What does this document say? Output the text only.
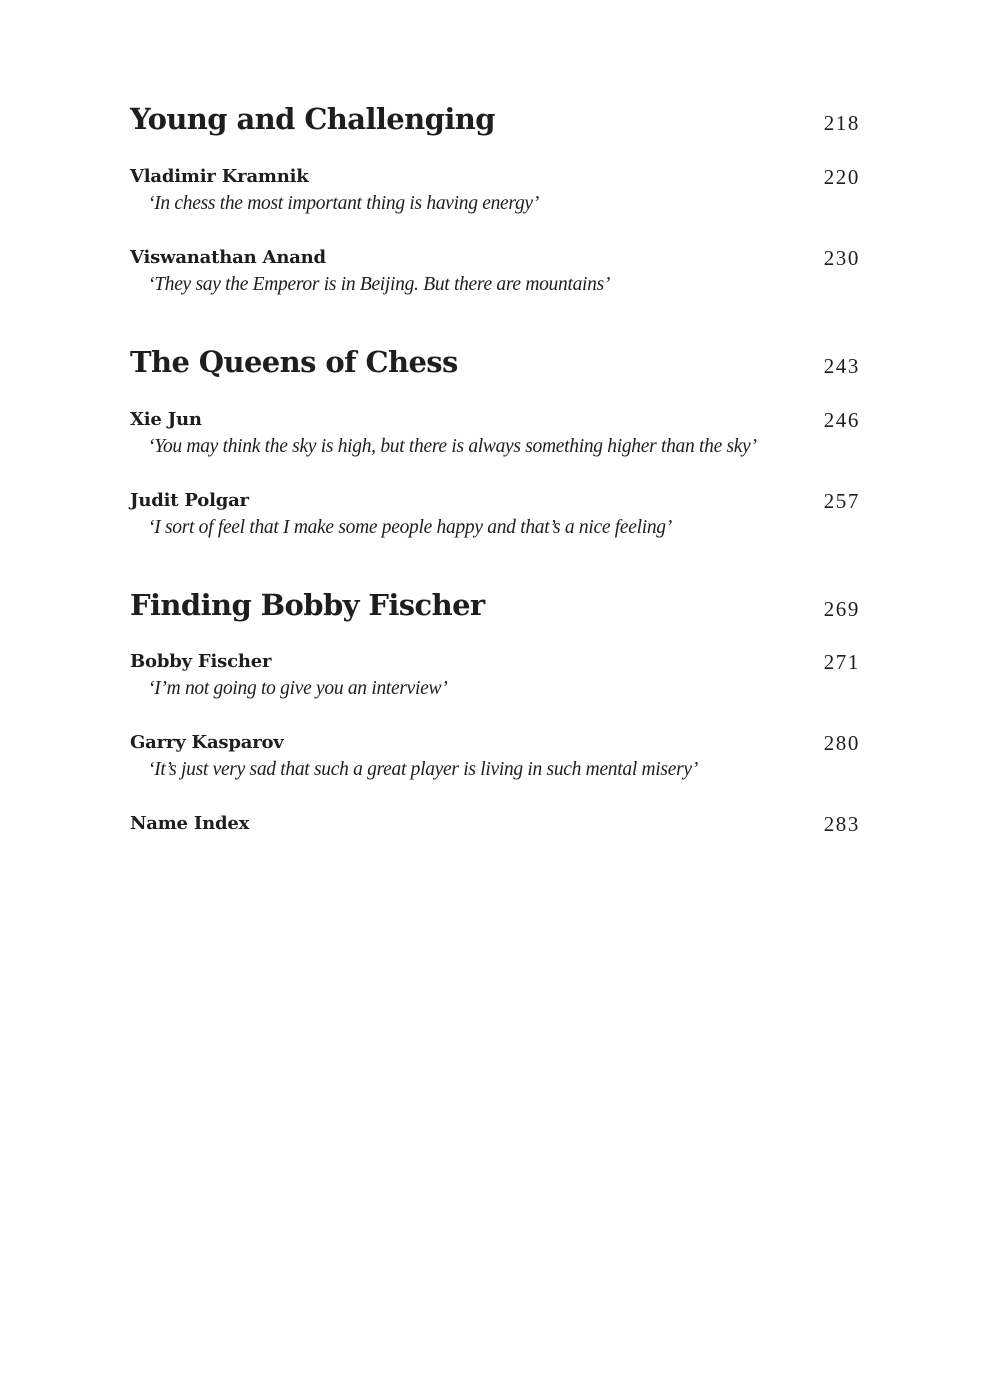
Young and Challenging	218
Vladimir Kramnik	220
‘In chess the most important thing is having energy’
Viswanathan Anand	230
‘They say the Emperor is in Beijing. But there are mountains’
The Queens of Chess	243
Xie Jun	246
‘You may think the sky is high, but there is always something higher than the sky’
Judit Polgar	257
‘I sort of feel that I make some people happy and that’s a nice feeling’
Finding Bobby Fischer	269
Bobby Fischer	271
‘I’m not going to give you an interview’
Garry Kasparov	280
‘It’s just very sad that such a great player is living in such mental misery’
Name Index	283
